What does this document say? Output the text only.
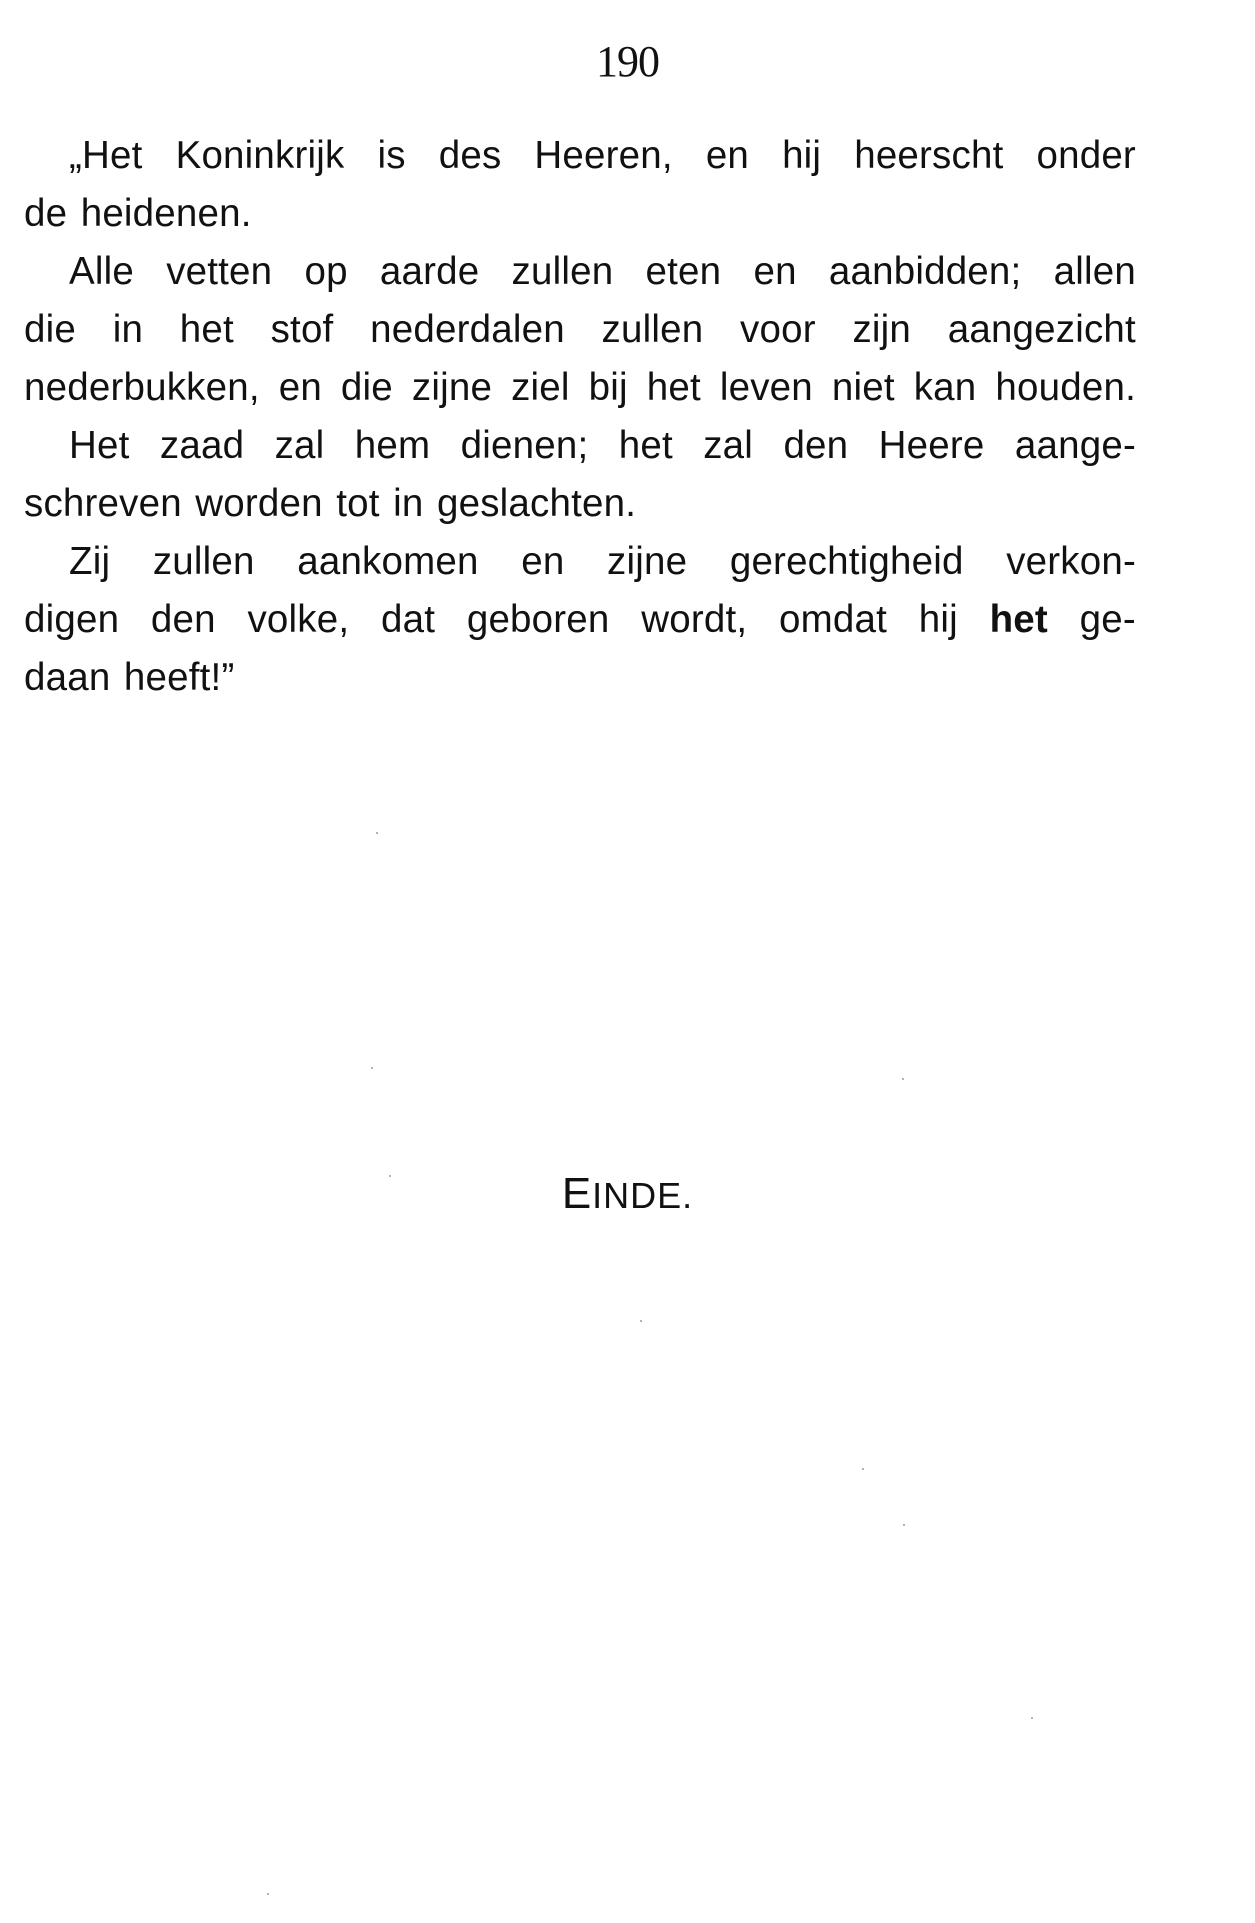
190
„Het Koninkrijk is des Heeren, en hij heerscht onder
de heidenen.
Alle vetten op aarde zullen eten en aanbidden; allen
die in het stof nederdalen zullen voor zijn aangezicht
nederbukken, en die zijne ziel bij het leven niet kan houden.
Het zaad zal hem dienen; het zal den Heere aange-
schreven worden tot in geslachten.
Zij zullen aankomen en zijne gerechtigheid verkon-
digen den volke, dat geboren wordt, omdat hij het ge-
daan heeft!”
EINDE.
